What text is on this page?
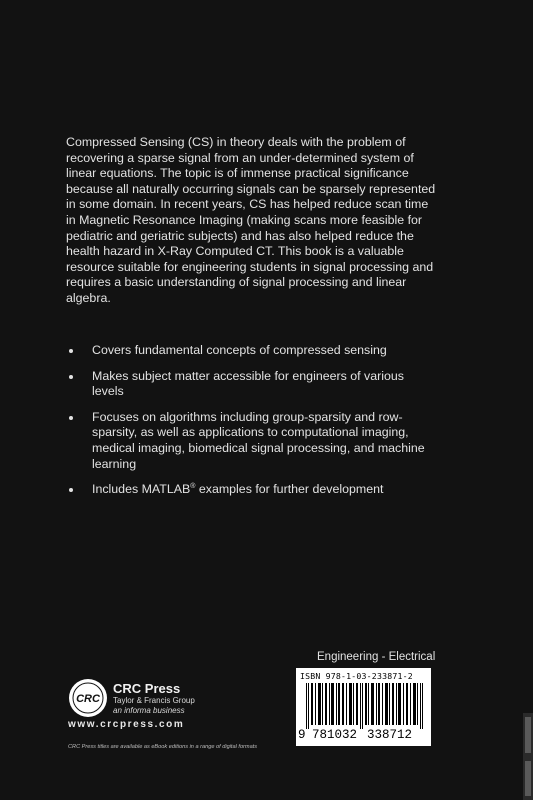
Compressed Sensing (CS) in theory deals with the problem of recovering a sparse signal from an under-determined system of linear equations. The topic is of immense practical significance because all naturally occurring signals can be sparsely represented in some domain. In recent years, CS has helped reduce scan time in Magnetic Resonance Imaging (making scans more feasible for pediatric and geriatric subjects) and has also helped reduce the health hazard in X-Ray Computed CT. This book is a valuable resource suitable for engineering students in signal processing and requires a basic understanding of signal processing and linear algebra.

Covers fundamental concepts of compressed sensing
Makes subject matter accessible for engineers of various levels
Focuses on algorithms including group-sparsity and row-sparsity, as well as applications to computational imaging, medical imaging, biomedical signal processing, and machine learning
Includes MATLAB® examples for further development
Engineering - Electrical
ISBN 978-1-03-233871-2
9 781032 338712
CRC
CRC Press
Taylor & Francis Group
an informa business
www.crcpress.com
CRC Press titles are available as eBook editions in a range of digital formats
